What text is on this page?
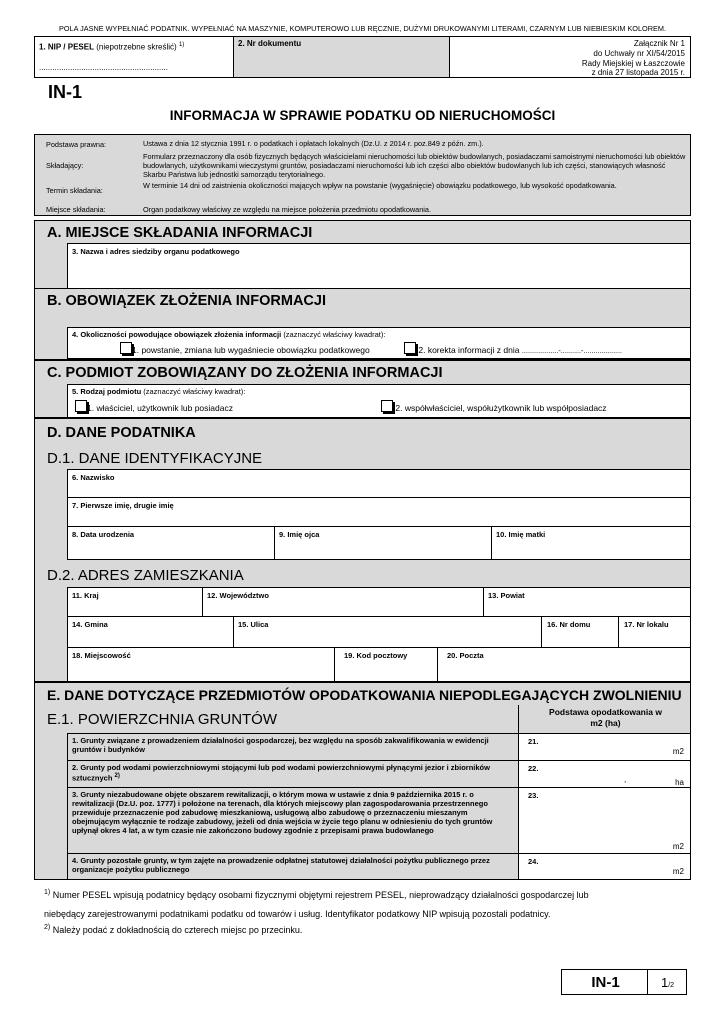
POLA JASNE WYPEŁNIAĆ PODATNIK. WYPEŁNIAĆ NA MASZYNIE, KOMPUTEROWO LUB RĘCZNIE, DUŻYMI DRUKOWANYMI LITERAMI, CZARNYM LUB NIEBIESKIM KOLOREM.
1. NIP / PESEL (niepotrzebne skreślić) $^{1)}$
..........................................................
2. Nr dokumentu	Załącznik Nr 1
do Uchwały nr XI/54/2015
Rady Miejskiej w Łaszczowie
z dnia 27 listopada 2015 r.
IN-1
INFORMACJA W SPRAWIE PODATKU OD NIERUCHOMOŚCI
Podstawa prawna:	Ustawa z dnia 12 stycznia 1991 r. o podatkach i opłatach lokalnych (Dz.U. z 2014 r. poz.849 z późn. zm.).
Składający:
Formularz przeznaczony dla osób fizycznych będących właścicielami nieruchomości lub obiektów budowlanych, posiadaczami samoistnymi nieruchomości lub obiektów budowlanych, użytkownikami wieczystymi gruntów, posiadaczami nieruchomości lub ich części albo obiektów budowlanych lub ich części, stanowiących własność Skarbu Państwa lub jednostki samorządu terytorialnego.
Termin składania:
W terminie 14 dni od zaistnienia okoliczności mających wpływ na powstanie (wygaśnięcie) obowiązku podatkowego, lub wysokość opodatkowania.
Miejsce składania:	Organ podatkowy właściwy ze względu na miejsce położenia przedmiotu opodatkowania.
A. MIEJSCE SKŁADANIA INFORMACJI
3. Nazwa i adres siedziby organu podatkowego
B. OBOWIĄZEK ZŁOŻENIA INFORMACJI
4. Okoliczności powodujące obowiązek złożenia informacji (zaznaczyć właściwy kwadrat):
1. powstanie, zmiana lub wygaśniecie obowiązku podatkowego	2. korekta informacji z dnia ..................-..........-...................
C. PODMIOT ZOBOWIĄZANY DO ZŁOŻENIA INFORMACJI
5. Rodzaj podmiotu (zaznaczyć właściwy kwadrat):
1. właściciel, użytkownik lub posiadacz	2. współwłaściciel, współużytkownik lub współposiadacz
D. DANE PODATNIKA
D.1. DANE IDENTYFIKACYJNE
6. Nazwisko
7. Pierwsze imię, drugie imię
8. Data urodzenia	9. Imię ojca	10. Imię matki
D.2. ADRES ZAMIESZKANIA
11. Kraj	12. Województwo	13. Powiat
14. Gmina	15. Ulica	16. Nr domu	17. Nr lokalu
18. Miejscowość	19. Kod pocztowy	20. Poczta
E. DANE DOTYCZĄCE PRZEDMIOTÓW OPODATKOWANIA NIEPODLEGAJĄCYCH ZWOLNIENIU
E.1. POWIERZCHNIA GRUNTÓW	Podstawa opodatkowania w
m2 (ha)
1. Grunty związane z prowadzeniem działalności gospodarczej, bez względu na sposób zakwalifikowania w ewidencji gruntów i budynków
21.
m2
2. Grunty pod wodami powierzchniowymi stojącymi lub pod wodami powierzchniowymi płynącymi jezior i zbiorników sztucznych $^{2)}$
22.
,	ha
3. Grunty niezabudowane objęte obszarem rewitalizacji, o którym mowa w ustawie z dnia 9 października 2015 r. o rewitalizacji (Dz.U. poz. 1777) i położone na terenach, dla których miejscowy plan zagospodarowania przestrzennego przewiduje przeznaczenie pod zabudowę mieszkaniową, usługową albo zabudowę o przeznaczeniu mieszanym obejmującym wyłącznie te rodzaje zabudowy, jeżeli od dnia wejścia w życie tego planu w odniesieniu do tych gruntów upłynął okres 4 lat, a w tym czasie nie zakończono budowy zgodnie z przepisami prawa budowlanego
23.
m2
4. Grunty pozostałe grunty, w tym zajęte na prowadzenie odpłatnej statutowej działalności pożytku publicznego przez organizacje pożytku publicznego
24.
m2
$^{1)}$ Numer PESEL wpisują podatnicy będący osobami fizycznymi objętymi rejestrem PESEL, nieprowadzący działalności gospodarczej lub
niebędący zarejestrowanymi podatnikami podatku od towarów i usług. Identyfikator podatkowy NIP wpisują pozostali podatnicy.
$^{2)}$ Należy podać z dokładnością do czterech miejsc po przecinku.
IN-1	1/2
